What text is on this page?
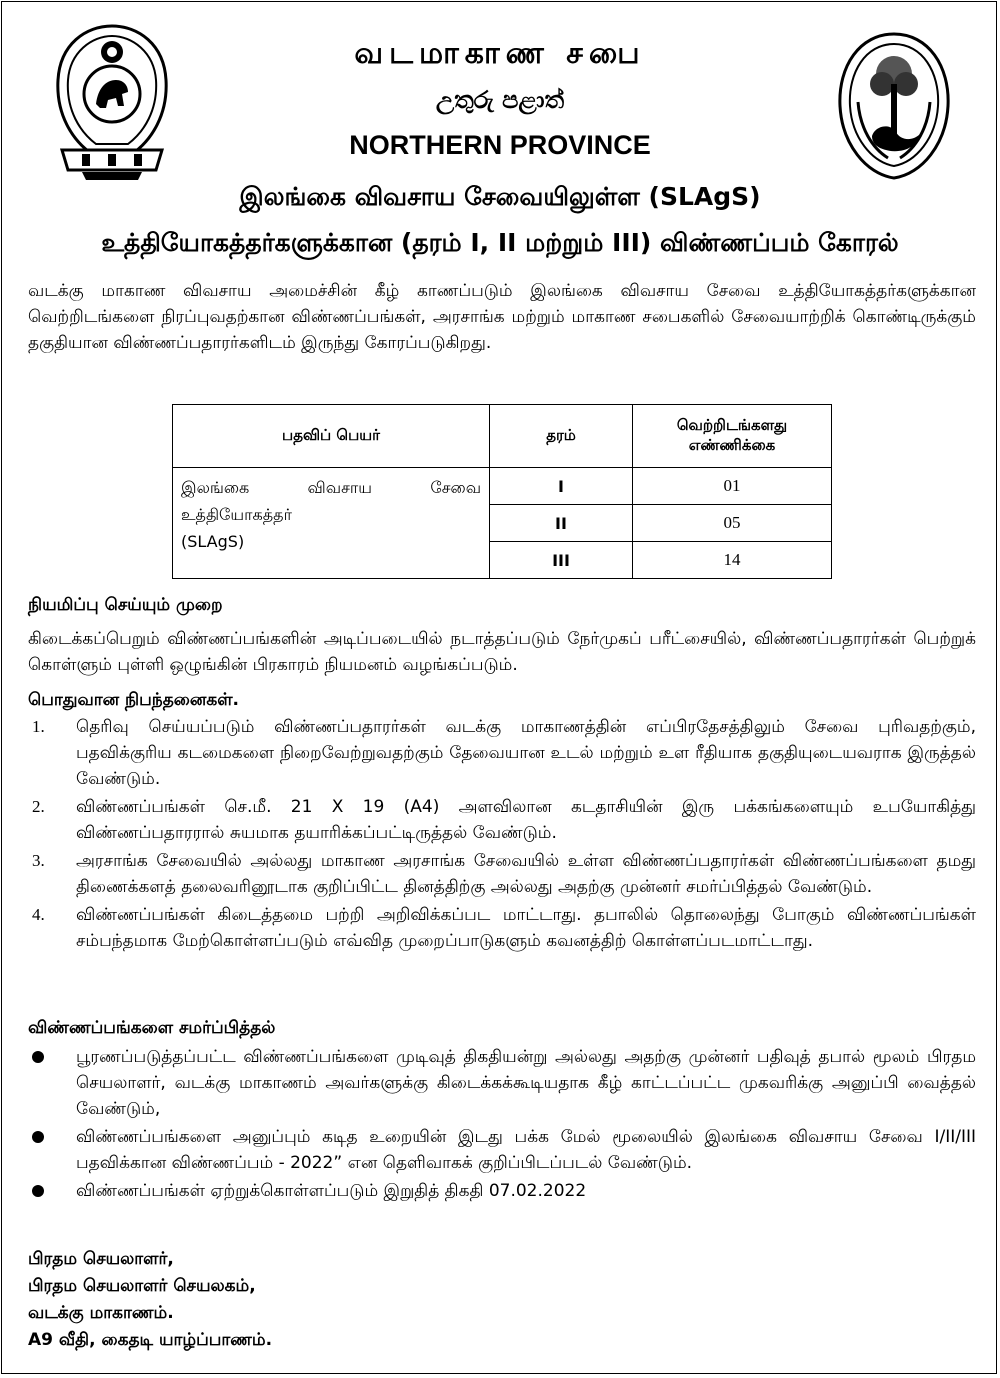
வடமாகாண சபை
උතුරු පළාත්
NORTHERN PROVINCE
இலங்கை விவசாய சேவையிலுள்ள (SLAgS)
உத்தியோகத்தர்களுக்கான (தரம் I, II மற்றும் III) விண்ணப்பம் கோரல்
வடக்கு மாகாண விவசாய அமைச்சின் கீழ் காணப்படும் இலங்கை விவசாய சேவை உத்தியோகத்தர்களுக்கான வெற்றிடங்களை நிரப்புவதற்கான விண்ணப்பங்கள், அரசாங்க மற்றும் மாகாண சபைகளில் சேவையாற்றிக் கொண்டிருக்கும் தகுதியான விண்ணப்பதாரர்களிடம் இருந்து கோரப்படுகிறது.
பதவிப் பெயர்	தரம்	வெற்றிடங்களது எண்ணிக்கை

இலங்கை விவசாய சேவை
உத்தியோகத்தர்
(SLAgS)	I	01
	II	05
	III	14
நியமிப்பு செய்யும் முறை
கிடைக்கப்பெறும் விண்ணப்பங்களின் அடிப்படையில் நடாத்தப்படும் நேர்முகப் பரீட்சையில், விண்ணப்பதாரர்கள் பெற்றுக் கொள்ளும் புள்ளி ஒழுங்கின் பிரகாரம் நியமனம் வழங்கப்படும்.
பொதுவான நிபந்தனைகள்.
1. தெரிவு செய்யப்படும் விண்ணப்பதாரர்கள் வடக்கு மாகாணத்தின் எப்பிரதேசத்திலும் சேவை புரிவதற்கும், பதவிக்குரிய கடமைகளை நிறைவேற்றுவதற்கும் தேவையான உடல் மற்றும் உள ரீதியாக தகுதியுடையவராக இருத்தல் வேண்டும்.
2. விண்ணப்பங்கள் செ.மீ. 21 X 19 (A4) அளவிலான கடதாசியின் இரு பக்கங்களையும் உபயோகித்து விண்ணப்பதாரரால் சுயமாக தயாரிக்கப்பட்டிருத்தல் வேண்டும்.
3. அரசாங்க சேவையில் அல்லது மாகாண அரசாங்க சேவையில் உள்ள விண்ணப்பதாரர்கள் விண்ணப்பங்களை தமது திணைக்களத் தலைவரினூடாக குறிப்பிட்ட தினத்திற்கு அல்லது அதற்கு முன்னர் சமர்ப்பித்தல் வேண்டும்.
4. விண்ணப்பங்கள் கிடைத்தமை பற்றி அறிவிக்கப்பட மாட்டாது. தபாலில் தொலைந்து போகும் விண்ணப்பங்கள் சம்பந்தமாக மேற்கொள்ளப்படும் எவ்வித முறைப்பாடுகளும் கவனத்திற் கொள்ளப்படமாட்டாது.
விண்ணப்பங்களை சமர்ப்பித்தல்
பூரணப்படுத்தப்பட்ட விண்ணப்பங்களை முடிவுத் திகதியன்று அல்லது அதற்கு முன்னர் பதிவுத் தபால் மூலம் பிரதம செயலாளர், வடக்கு மாகாணம் அவர்களுக்கு கிடைக்கக்கூடியதாக கீழ் காட்டப்பட்ட முகவரிக்கு அனுப்பி வைத்தல் வேண்டும்,
விண்ணப்பங்களை அனுப்பும் கடித உறையின் இடது பக்க மேல் மூலையில் இலங்கை விவசாய சேவை I/II/III பதவிக்கான விண்ணப்பம் - 2022” என தெளிவாகக் குறிப்பிடப்படல் வேண்டும்.
விண்ணப்பங்கள் ஏற்றுக்கொள்ளப்படும் இறுதித் திகதி 07.02.2022
பிரதம செயலாளர்,
பிரதம செயலாளர் செயலகம்,
வடக்கு மாகாணம்.
A9 வீதி, கைதடி யாழ்ப்பாணம்.
